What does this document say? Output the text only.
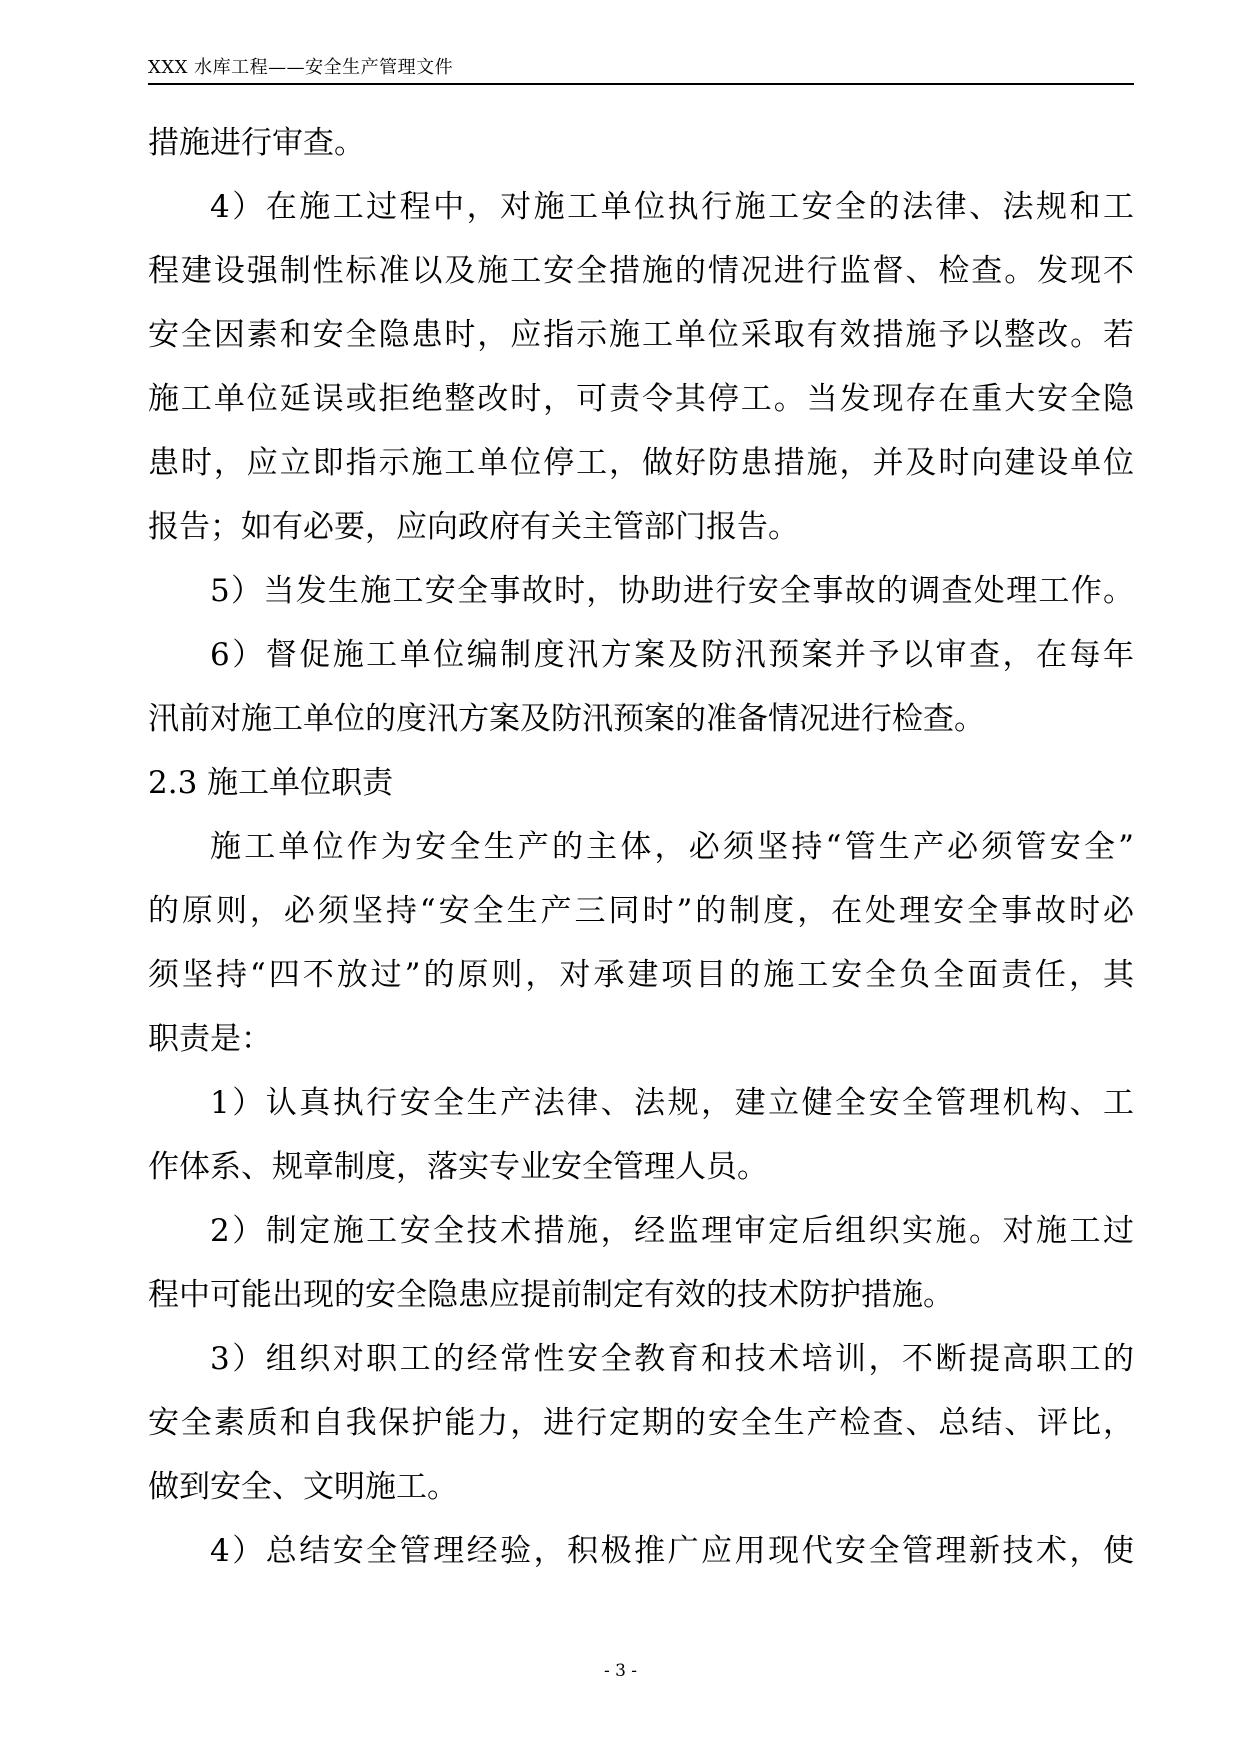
XXX 水库工程——安全生产管理文件
措施进行审查。
4）在施工过程中，对施工单位执行施工安全的法律、法规和工
程建设强制性标准以及施工安全措施的情况进行监督、检查。发现不
安全因素和安全隐患时，应指示施工单位采取有效措施予以整改。若
施工单位延误或拒绝整改时，可责令其停工。当发现存在重大安全隐
患时，应立即指示施工单位停工，做好防患措施，并及时向建设单位
报告；如有必要，应向政府有关主管部门报告。
5）当发生施工安全事故时，协助进行安全事故的调查处理工作。
6）督促施工单位编制度汛方案及防汛预案并予以审查，在每年
汛前对施工单位的度汛方案及防汛预案的准备情况进行检查。
2.3 施工单位职责
施工单位作为安全生产的主体，必须坚持“管生产必须管安全”
的原则，必须坚持“安全生产三同时”的制度，在处理安全事故时必
须坚持“四不放过”的原则，对承建项目的施工安全负全面责任，其
职责是：
1）认真执行安全生产法律、法规，建立健全安全管理机构、工
作体系、规章制度，落实专业安全管理人员。
2）制定施工安全技术措施，经监理审定后组织实施。对施工过
程中可能出现的安全隐患应提前制定有效的技术防护措施。
3）组织对职工的经常性安全教育和技术培训，不断提高职工的
安全素质和自我保护能力，进行定期的安全生产检查、总结、评比，
做到安全、文明施工。
4）总结安全管理经验，积极推广应用现代安全管理新技术，使
- 3 -
